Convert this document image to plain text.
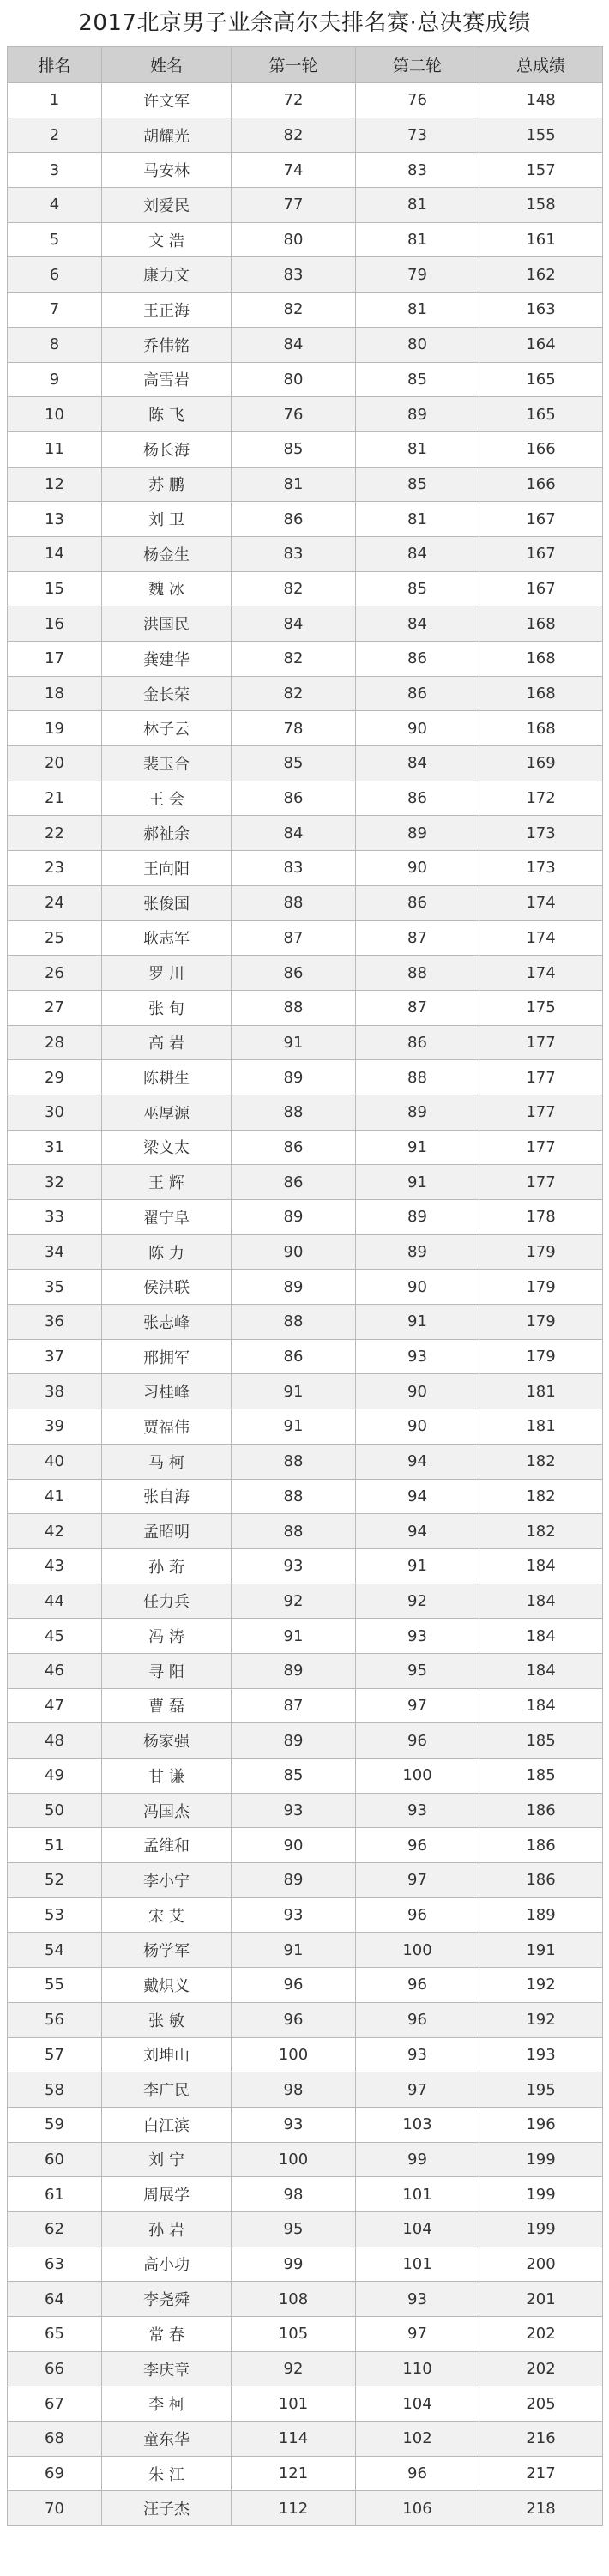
2017北京男子业余高尔夫排名赛·总决赛成绩
排名	姓名	第一轮	第二轮	总成绩
1	许文军	72	76	148
2	胡耀光	82	73	155
3	马安林	74	83	157
4	刘爱民	77	81	158
5	文 浩	80	81	161
6	康力文	83	79	162
7	王正海	82	81	163
8	乔伟铭	84	80	164
9	高雪岩	80	85	165
10	陈 飞	76	89	165
11	杨长海	85	81	166
12	苏 鹏	81	85	166
13	刘 卫	86	81	167
14	杨金生	83	84	167
15	魏 冰	82	85	167
16	洪国民	84	84	168
17	龚建华	82	86	168
18	金长荣	82	86	168
19	林子云	78	90	168
20	裴玉合	85	84	169
21	王 会	86	86	172
22	郝祉余	84	89	173
23	王向阳	83	90	173
24	张俊国	88	86	174
25	耿志军	87	87	174
26	罗 川	86	88	174
27	张 旬	88	87	175
28	高 岩	91	86	177
29	陈耕生	89	88	177
30	巫厚源	88	89	177
31	梁文太	86	91	177
32	王 辉	86	91	177
33	翟宁阜	89	89	178
34	陈 力	90	89	179
35	侯洪联	89	90	179
36	张志峰	88	91	179
37	邢拥军	86	93	179
38	习桂峰	91	90	181
39	贾福伟	91	90	181
40	马 柯	88	94	182
41	张自海	88	94	182
42	孟昭明	88	94	182
43	孙 珩	93	91	184
44	任力兵	92	92	184
45	冯 涛	91	93	184
46	寻 阳	89	95	184
47	曹 磊	87	97	184
48	杨家强	89	96	185
49	甘 谦	85	100	185
50	冯国杰	93	93	186
51	孟维和	90	96	186
52	李小宁	89	97	186
53	宋 艾	93	96	189
54	杨学军	91	100	191
55	戴炽义	96	96	192
56	张 敏	96	96	192
57	刘坤山	100	93	193
58	李广民	98	97	195
59	白江滨	93	103	196
60	刘 宁	100	99	199
61	周展学	98	101	199
62	孙 岩	95	104	199
63	高小功	99	101	200
64	李尧舜	108	93	201
65	常 春	105	97	202
66	李庆章	92	110	202
67	李 柯	101	104	205
68	童东华	114	102	216
69	朱 江	121	96	217
70	汪子杰	112	106	218
